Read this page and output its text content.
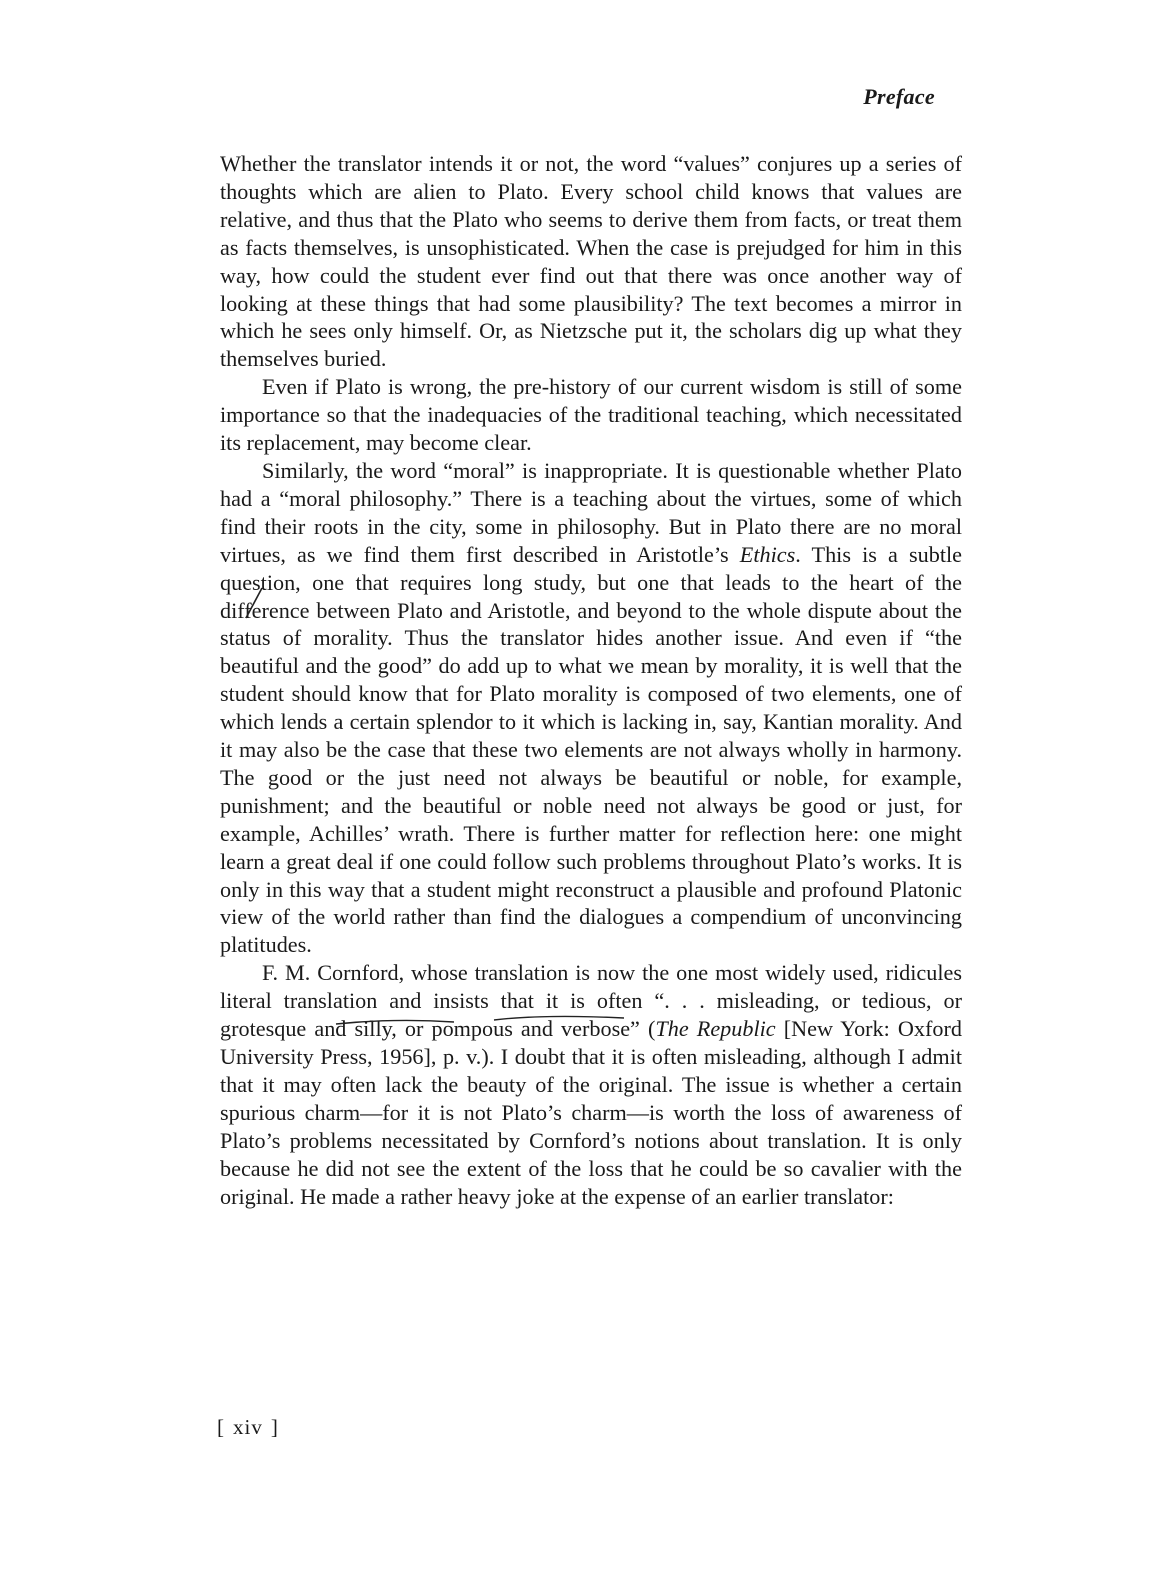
Preface

Whether the translator intends it or not, the word “values” conjures up a series of thoughts which are alien to Plato. Every school child knows that values are relative, and thus that the Plato who seems to derive them from facts, or treat them as facts themselves, is unsophisticated. When the case is prejudged for him in this way, how could the student ever find out that there was once another way of looking at these things that had some plausibility? The text becomes a mirror in which he sees only himself. Or, as Nietzsche put it, the scholars dig up what they themselves buried.

Even if Plato is wrong, the pre-history of our current wisdom is still of some importance so that the inadequacies of the traditional teaching, which necessitated its replacement, may become clear.

Similarly, the word “moral” is inappropriate. It is questionable whether Plato had a “moral philosophy.” There is a teaching about the virtues, some of which find their roots in the city, some in philosophy. But in Plato there are no moral virtues, as we find them first described in Aristotle’s Ethics. This is a subtle question, one that requires long study, but one that leads to the heart of the difference between Plato and Aristotle, and beyond to the whole dispute about the status of morality. Thus the translator hides another issue. And even if “the beautiful and the good” do add up to what we mean by morality, it is well that the student should know that for Plato morality is composed of two elements, one of which lends a certain splendor to it which is lacking in, say, Kantian morality. And it may also be the case that these two elements are not always wholly in harmony. The good or the just need not always be beautiful or noble, for example, punishment; and the beautiful or noble need not always be good or just, for example, Achilles’ wrath. There is further matter for reflection here: one might learn a great deal if one could follow such problems throughout Plato’s works. It is only in this way that a student might reconstruct a plausible and profound Platonic view of the world rather than find the dialogues a compendium of unconvincing platitudes.

F. M. Cornford, whose translation is now the one most widely used, ridicules literal translation and insists that it is often “. . . misleading, or tedious, or grotesque and silly, or pompous and verbose” (The Republic [New York: Oxford University Press, 1956], p. v.). I doubt that it is often misleading, although I admit that it may often lack the beauty of the original. The issue is whether a certain spurious charm—for it is not Plato’s charm—is worth the loss of awareness of Plato’s problems necessitated by Cornford’s notions about translation. It is only because he did not see the extent of the loss that he could be so cavalier with the original. He made a rather heavy joke at the expense of an earlier translator:

[ xiv ]
